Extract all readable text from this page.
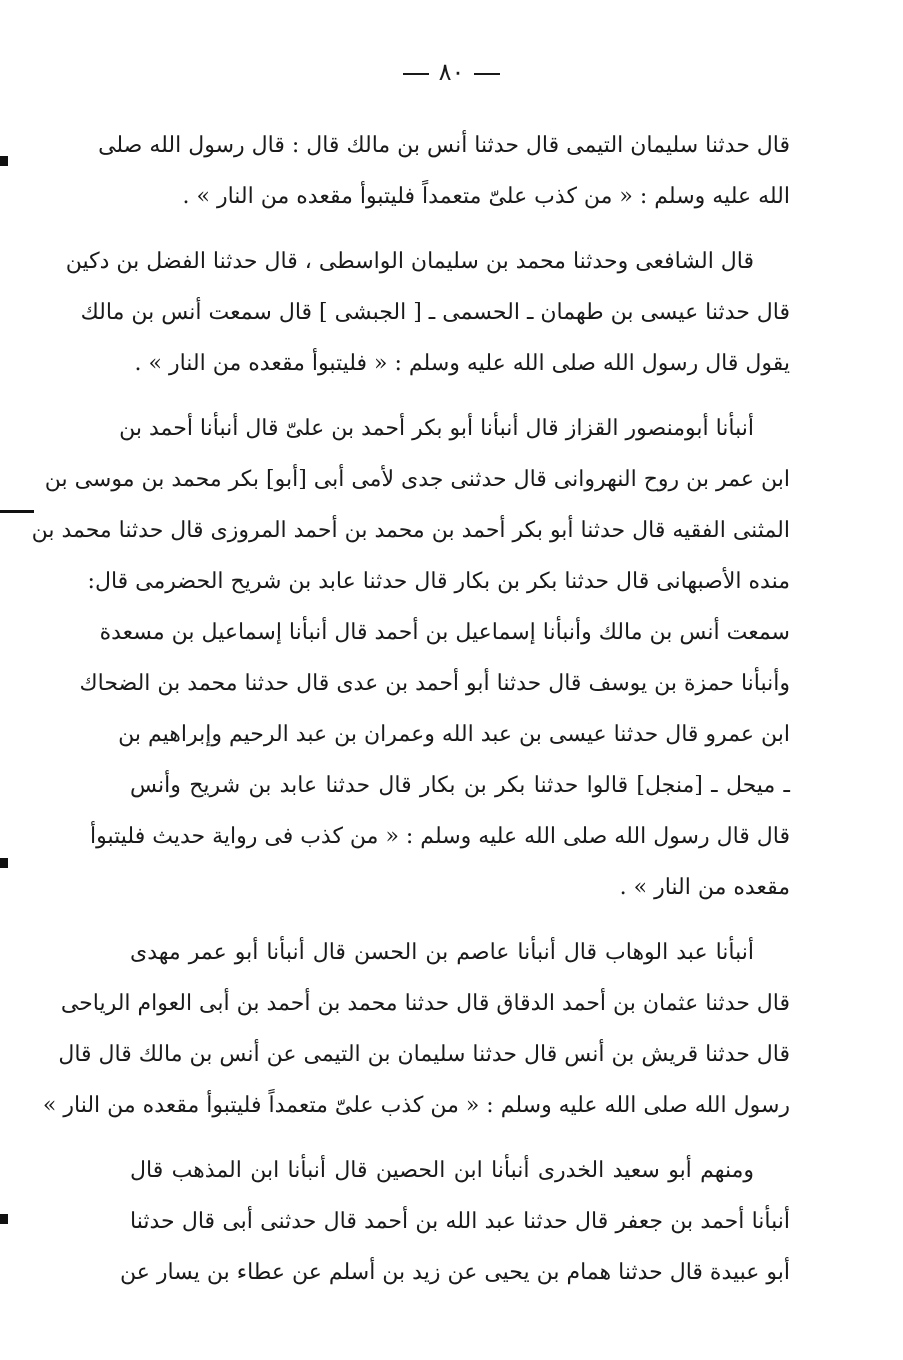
٨٠

قال حدثنا سليمان التيمى قال حدثنا أنس بن مالك قال : قال رسول الله صلى
الله عليه وسلم : « من كذب علىّ متعمداً فليتبوأ مقعده من النار » .

قال الشافعى وحدثنا محمد بن سليمان الواسطى ، قال حدثنا الفضل بن دكين
قال حدثنا عيسى بن طهمان ـ الحسمى ـ [ الجبشى ] قال سمعت أنس بن مالك
يقول قال رسول الله صلى الله عليه وسلم : « فليتبوأ مقعده من النار » .

أنبأنا أبومنصور القزاز قال أنبأنا أبو بكر أحمد بن علىّ قال أنبأنا أحمد بن
ابن عمر بن روح النهروانى قال حدثنى جدى لأمى أبى [أبو] بكر محمد بن موسى بن
المثنى الفقيه قال حدثنا أبو بكر أحمد بن محمد بن أحمد المروزى قال حدثنا محمد بن
منده الأصبهانى قال حدثنا بكر بن بكار قال حدثنا عابد بن شريح الحضرمى قال:
سمعت أنس بن مالك وأنبأنا إسماعيل بن أحمد قال أنبأنا إسماعيل بن مسعدة
وأنبأنا حمزة بن يوسف قال حدثنا أبو أحمد بن عدى قال حدثنا محمد بن الضحاك
ابن عمرو قال حدثنا عيسى بن عبد الله وعمران بن عبد الرحيم وإبراهيم بن
ـ ميحل ـ [منجل] قالوا حدثنا بكر بن بكار قال حدثنا عابد بن شريح وأنس
قال قال رسول الله صلى الله عليه وسلم : « من كذب فى رواية حديث فليتبوأ
مقعده من النار » .

أنبأنا عبد الوهاب قال أنبأنا عاصم بن الحسن قال أنبأنا أبو عمر مهدى
قال حدثنا عثمان بن أحمد الدقاق قال حدثنا محمد بن أحمد بن أبى العوام الرياحى
قال حدثنا قريش بن أنس قال حدثنا سليمان بن التيمى عن أنس بن مالك قال قال
رسول الله صلى الله عليه وسلم : « من كذب علىّ متعمداً فليتبوأ مقعده من النار »

ومنهم أبو سعيد الخدرى أنبأنا ابن الحصين قال أنبأنا ابن المذهب قال
أنبأنا أحمد بن جعفر قال حدثنا عبد الله بن أحمد قال حدثنى أبى قال حدثنا
أبو عبيدة قال حدثنا همام بن يحيى عن زيد بن أسلم عن عطاء بن يسار عن
